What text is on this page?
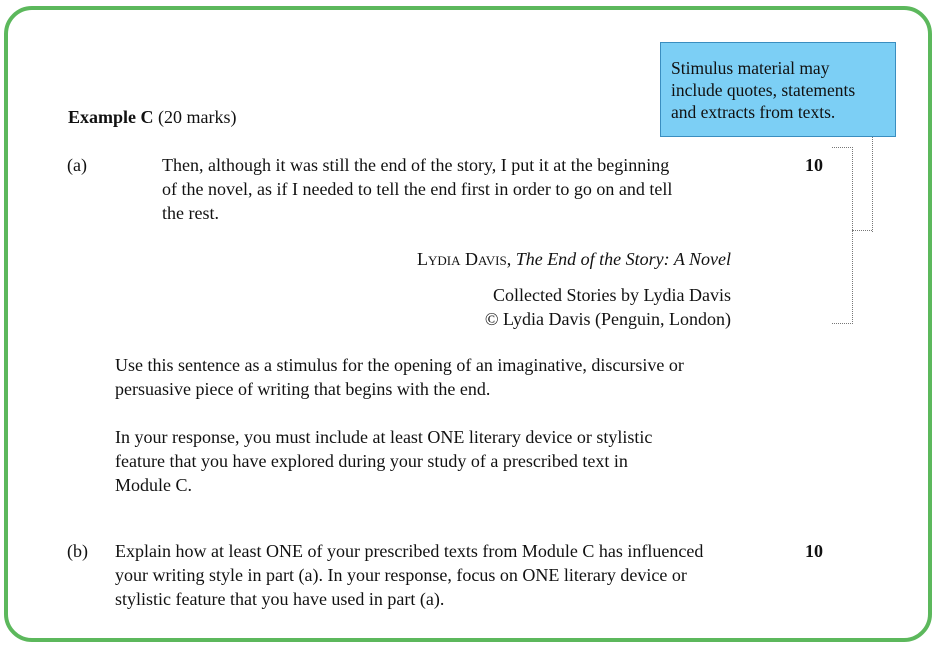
Stimulus material may
include quotes, statements
and extracts from texts.
Example C (20 marks)
(a)	10
Then, although it was still the end of the story, I put it at the beginning
of the novel, as if I needed to tell the end first in order to go on and tell
the rest.
Lydia Davis, The End of the Story: A Novel
Collected Stories by Lydia Davis
© Lydia Davis (Penguin, London)
Use this sentence as a stimulus for the opening of an imaginative, discursive or
persuasive piece of writing that begins with the end.
In your response, you must include at least ONE literary device or stylistic
feature that you have explored during your study of a prescribed text in
Module C.
(b)	10
Explain how at least ONE of your prescribed texts from Module C has influenced
your writing style in part (a). In your response, focus on ONE literary device or
stylistic feature that you have used in part (a).
